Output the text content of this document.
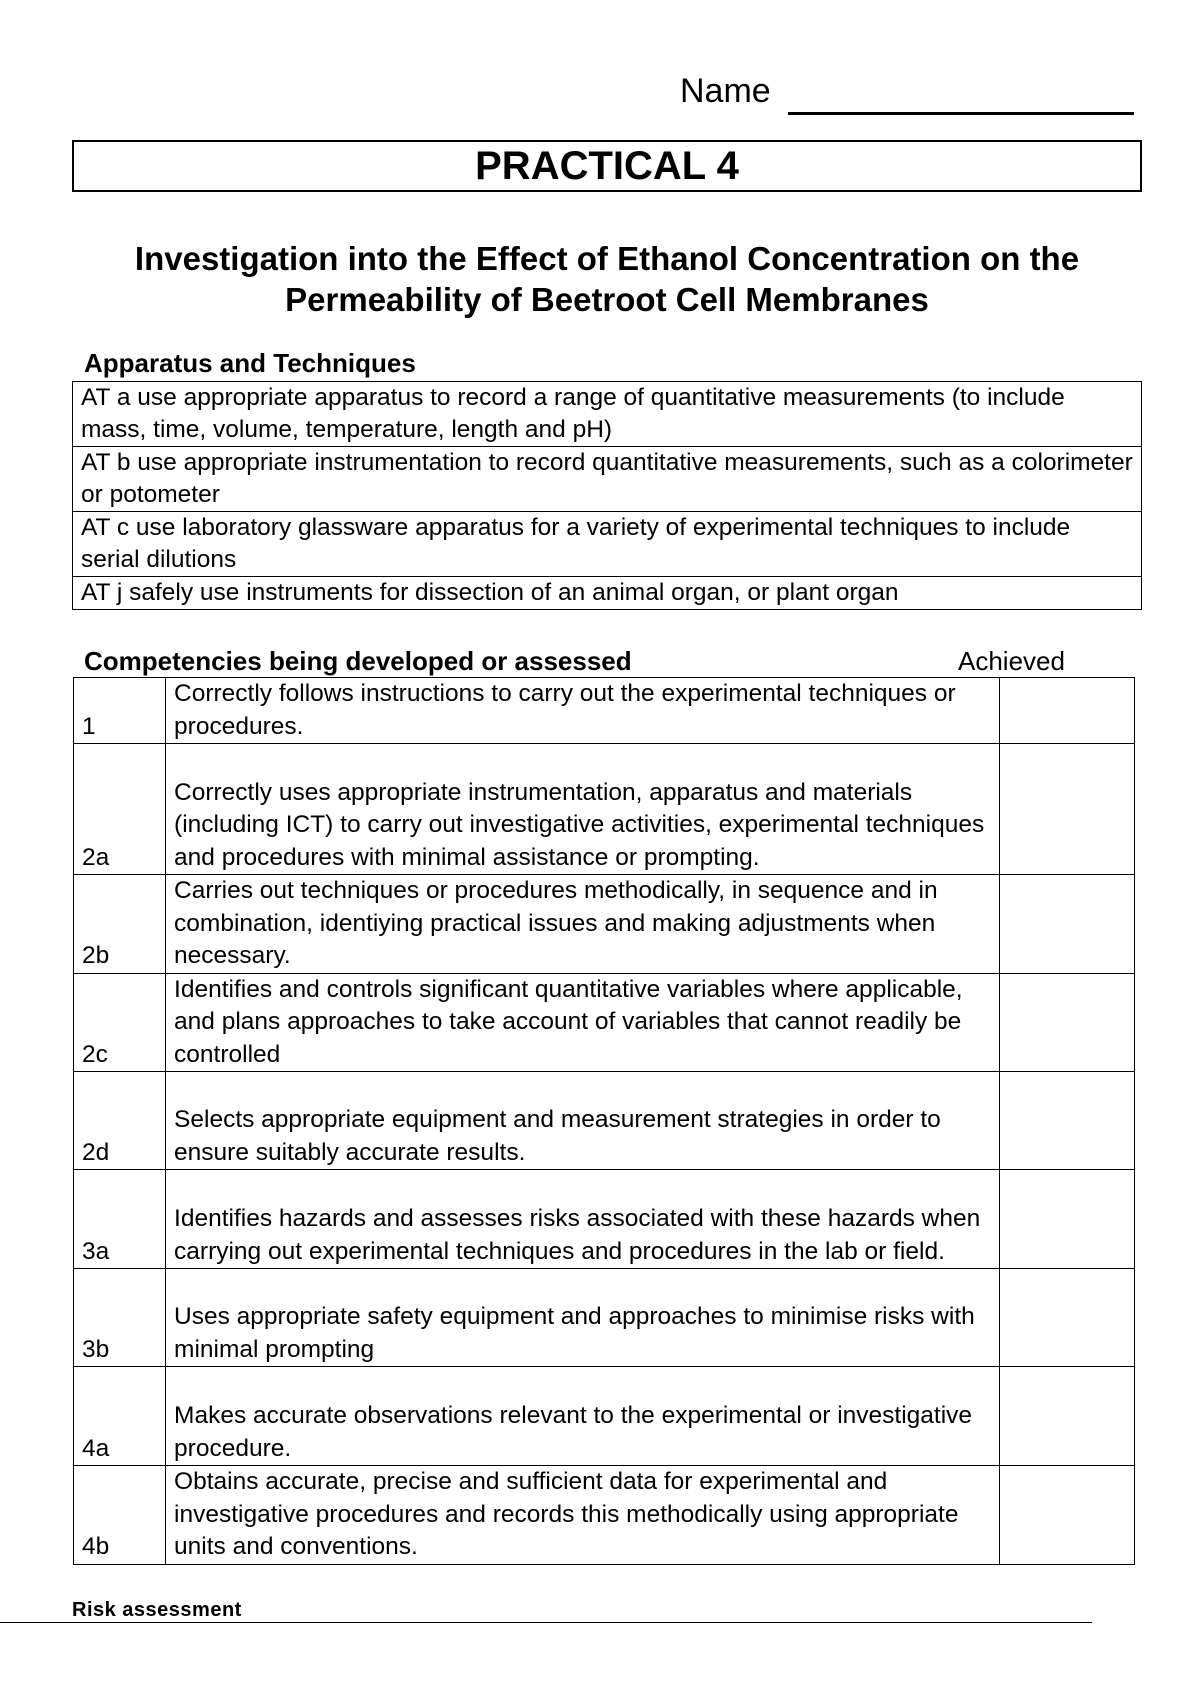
Name
PRACTICAL 4
Investigation into the Effect of Ethanol Concentration on the Permeability of Beetroot Cell Membranes
Apparatus and Techniques
AT a use appropriate apparatus to record a range of quantitative measurements (to include mass, time, volume, temperature, length and pH)
AT b use appropriate instrumentation to record quantitative measurements, such as a colorimeter or potometer
AT c use laboratory glassware apparatus for a variety of experimental techniques to include serial dilutions
AT j safely use instruments for dissection of an animal organ, or plant organ
Competencies being developed or assessed	Achieved
1	Correctly follows instructions to carry out the experimental techniques or procedures.	
2a	Correctly uses appropriate instrumentation, apparatus and materials (including ICT) to carry out investigative activities, experimental techniques and procedures with minimal assistance or prompting.	
2b	Carries out techniques or procedures methodically, in sequence and in combination, identiying practical issues and making adjustments when necessary.	
2c	Identifies and controls significant quantitative variables where applicable, and plans approaches to take account of variables that cannot readily be controlled	
2d	Selects appropriate equipment and measurement strategies in order to ensure suitably accurate results.	
3a	Identifies hazards and assesses risks associated with these hazards when carrying out experimental techniques and procedures in the lab or field.	
3b	Uses appropriate safety equipment and approaches to minimise risks with minimal prompting	
4a	Makes accurate observations relevant to the experimental or investigative procedure.	
4b	Obtains accurate, precise and sufficient data for experimental and investigative procedures and records this methodically using appropriate units and conventions.	
Risk assessment
